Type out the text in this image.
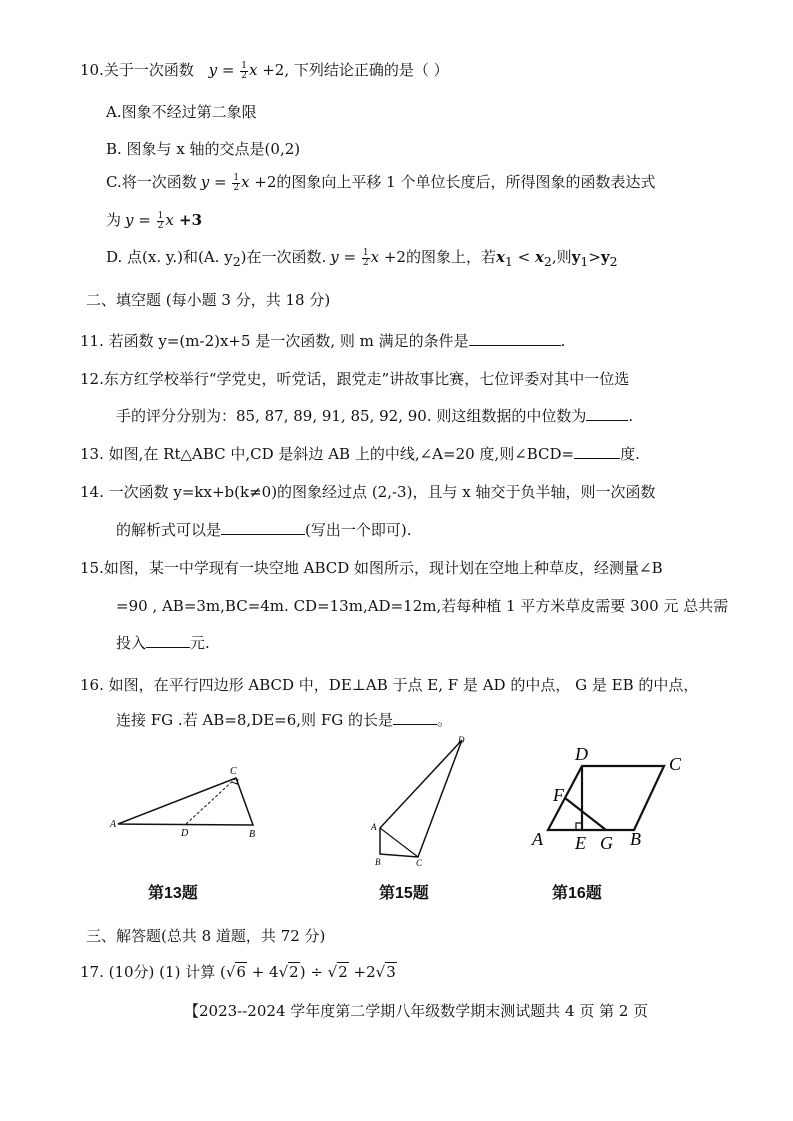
10.关于一次函数 $y = \frac{1}{2}$ x +2, 下列结论正确的是（ ）
A.图象不经过第二象限
B. 图象与 x 轴的交点是(0,2)
C.将一次函数 $y = \frac{1}{2}$ x +2的图象向上平移 1 个单位长度后，所得图象的函数表达式
为 $y = \frac{1}{2}$ x +3
D. 点(x. y.)和(A. $y_2$)在一次函数. $y = \frac{1}{2}$ x +2的图象上，若$x_1 < x_2$,则$y_1>y_2$
二、填空题 (每小题 3 分，共 18 分)
11. 若函数 y=(m-2)x+5 是一次函数, 则 m 满足的条件是	.
12.东方红学校举行“学党史，听党话，跟党走”讲故事比赛，七位评委对其中一位选
手的评分分别为：85, 87, 89, 91, 85, 92, 90. 则这组数据的中位数为	.
13. 如图,在 Rt△ABC 中,CD 是斜边 AB 上的中线,∠A=20 度,则∠BCD=	度.
14. 一次函数 y=kx+b(k≠0)的图象经过点 (2,-3)，且与 x 轴交于负半轴，则一次函数
的解析式可以是	(写出一个即可).
15.如图，某一中学现有一块空地 ABCD 如图所示，现计划在空地上种草皮，经测量∠B
=90 , AB=3m,BC=4m. CD=13m,AD=12m,若每种植 1 平方米草皮需要 300 元 总共需
投入	元.
16. 如图，在平行四边形 ABCD 中，DE⊥AB 于点 E, F 是 AD 的中点， G 是 EB 的中点，
连接 FG .若 AB=8,DE=6,则 FG 的长是	。
A
B
C
D
第13题
A
B	C
D
第15题
A	B
C
D
E
F
G
第16题
三、解答题(总共 8 道题，共 72 分)
17. (10分) (1) 计算 (√6 + 4√2) ÷ √2 +2√3
【2023--2024 学年度第二学期八年级数学期末测试题共 4 页 第 2 页
